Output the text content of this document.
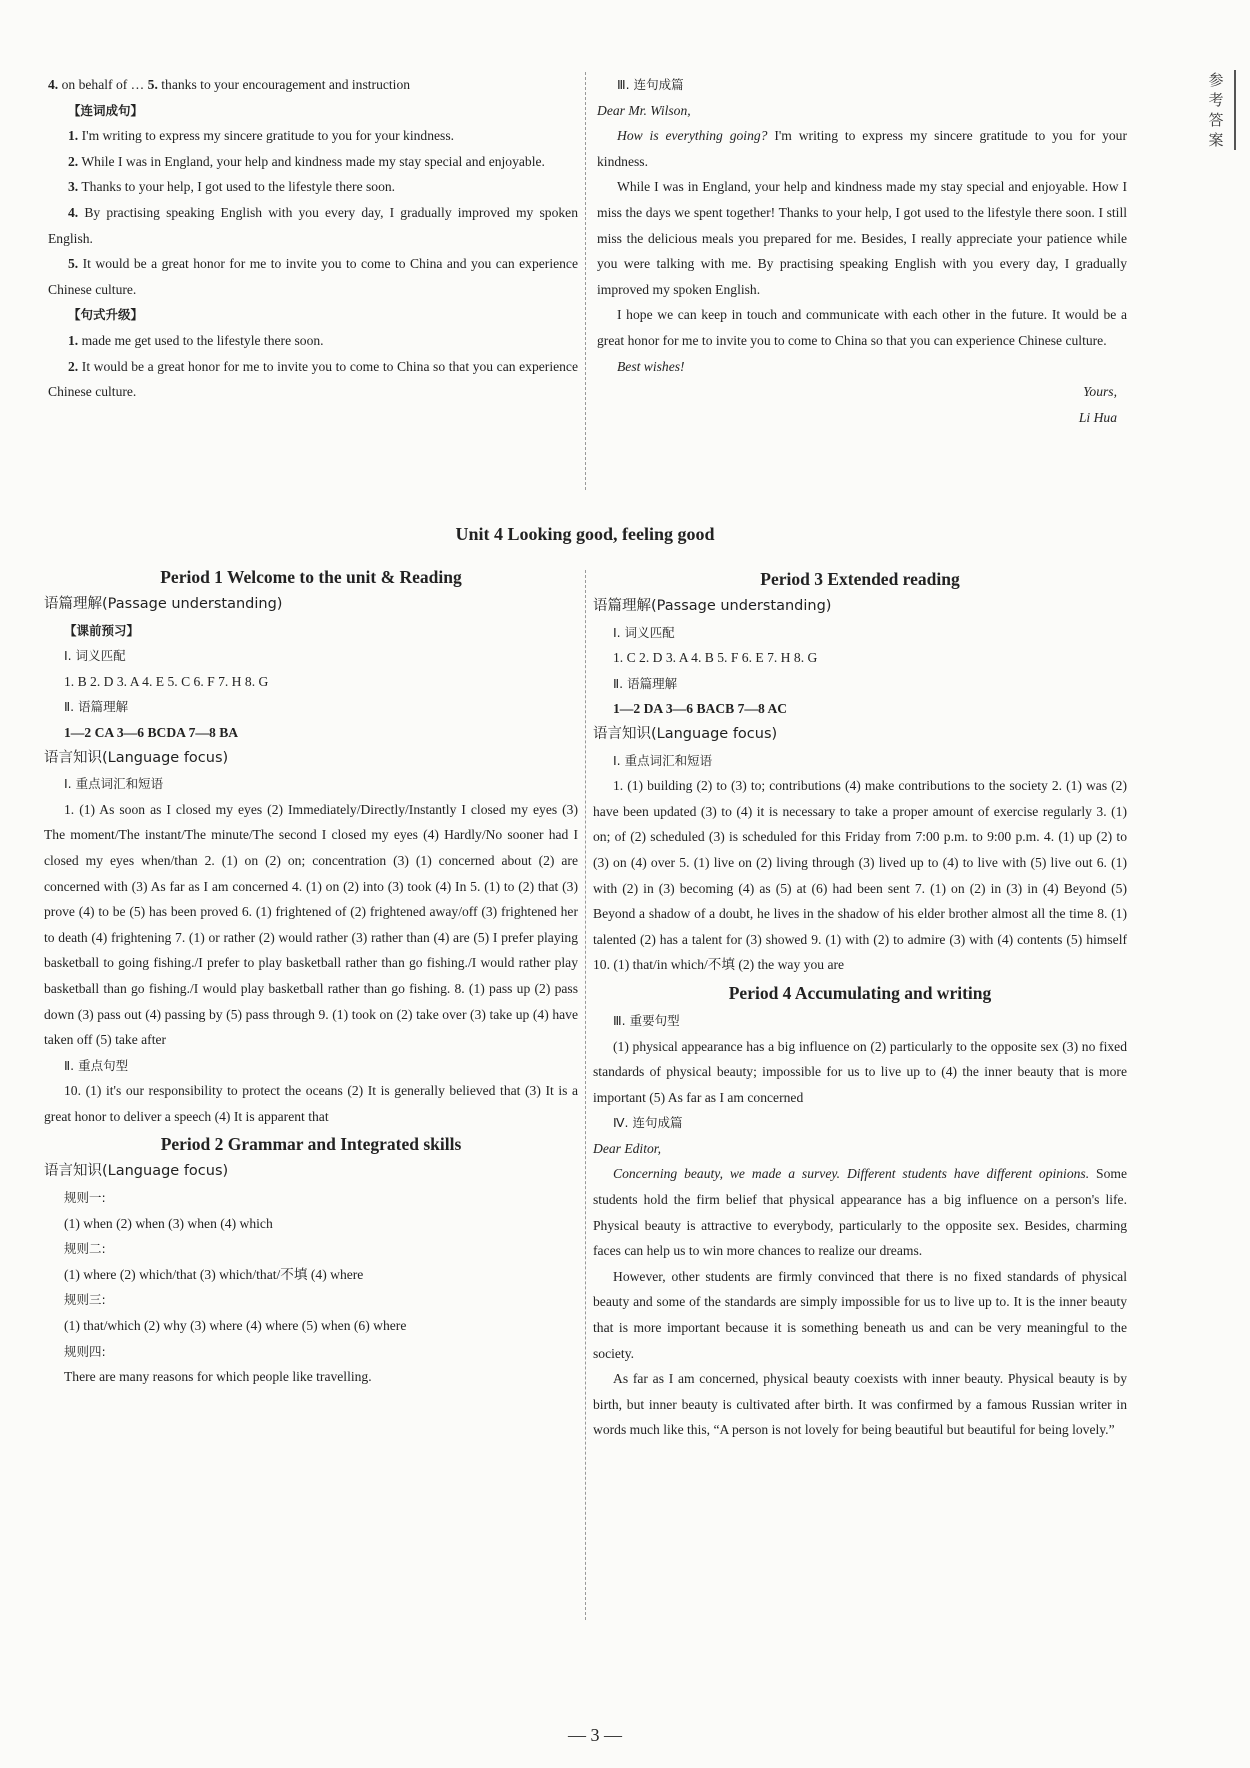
参考答案

4. on behalf of … 5. thanks to your encouragement and instruction

【连词成句】

1. I'm writing to express my sincere gratitude to you for your kindness.

2. While I was in England, your help and kindness made my stay special and enjoyable.

3. Thanks to your help, I got used to the lifestyle there soon.

4. By practising speaking English with you every day, I gradually improved my spoken English.

5. It would be a great honor for me to invite you to come to China and you can experience Chinese culture.

【句式升级】

1. made me get used to the lifestyle there soon.

2. It would be a great honor for me to invite you to come to China so that you can experience Chinese culture.

Ⅲ. 连句成篇

Dear Mr. Wilson,

How is everything going? I'm writing to express my sincere gratitude to you for your kindness.

While I was in England, your help and kindness made my stay special and enjoyable. How I miss the days we spent together! Thanks to your help, I got used to the lifestyle there soon. I still miss the delicious meals you prepared for me. Besides, I really appreciate your patience while you were talking with me. By practising speaking English with you every day, I gradually improved my spoken English.

I hope we can keep in touch and communicate with each other in the future. It would be a great honor for me to invite you to come to China so that you can experience Chinese culture.

Best wishes!

Yours,

Li Hua

Unit 4 Looking good, feeling good

Period 1 Welcome to the unit & Reading

语篇理解(Passage understanding)

【课前预习】

Ⅰ. 词义匹配

1. B 2. D 3. A 4. E 5. C 6. F 7. H 8. G

Ⅱ. 语篇理解

1—2 CA 3—6 BCDA 7—8 BA

语言知识(Language focus)

Ⅰ. 重点词汇和短语

1. (1) As soon as I closed my eyes (2) Immediately/Directly/Instantly I closed my eyes (3) The moment/The instant/The minute/The second I closed my eyes (4) Hardly/No sooner had I closed my eyes when/than 2. (1) on (2) on; concentration (3) (1) concerned about (2) are concerned with (3) As far as I am concerned 4. (1) on (2) into (3) took (4) In 5. (1) to (2) that (3) prove (4) to be (5) has been proved 6. (1) frightened of (2) frightened away/off (3) frightened her to death (4) frightening 7. (1) or rather (2) would rather (3) rather than (4) are (5) I prefer playing basketball to going fishing./I prefer to play basketball rather than go fishing./I would rather play basketball than go fishing./I would play basketball rather than go fishing. 8. (1) pass up (2) pass down (3) pass out (4) passing by (5) pass through 9. (1) took on (2) take over (3) take up (4) have taken off (5) take after

Ⅱ. 重点句型

10. (1) it's our responsibility to protect the oceans (2) It is generally believed that (3) It is a great honor to deliver a speech (4) It is apparent that

Period 2 Grammar and Integrated skills

语言知识(Language focus)

规则一:

(1) when (2) when (3) when (4) which

规则二:

(1) where (2) which/that (3) which/that/不填 (4) where

规则三:

(1) that/which (2) why (3) where (4) where (5) when (6) where

规则四:

There are many reasons for which people like travelling.

Period 3 Extended reading

语篇理解(Passage understanding)

Ⅰ. 词义匹配

1. C 2. D 3. A 4. B 5. F 6. E 7. H 8. G

Ⅱ. 语篇理解

1—2 DA 3—6 BACB 7—8 AC

语言知识(Language focus)

Ⅰ. 重点词汇和短语

1. (1) building (2) to (3) to; contributions (4) make contributions to the society 2. (1) was (2) have been updated (3) to (4) it is necessary to take a proper amount of exercise regularly 3. (1) on; of (2) scheduled (3) is scheduled for this Friday from 7:00 p.m. to 9:00 p.m. 4. (1) up (2) to (3) on (4) over 5. (1) live on (2) living through (3) lived up to (4) to live with (5) live out 6. (1) with (2) in (3) becoming (4) as (5) at (6) had been sent 7. (1) on (2) in (3) in (4) Beyond (5) Beyond a shadow of a doubt, he lives in the shadow of his elder brother almost all the time 8. (1) talented (2) has a talent for (3) showed 9. (1) with (2) to admire (3) with (4) contents (5) himself 10. (1) that/in which/不填 (2) the way you are

Period 4 Accumulating and writing

Ⅲ. 重要句型

(1) physical appearance has a big influence on (2) particularly to the opposite sex (3) no fixed standards of physical beauty; impossible for us to live up to (4) the inner beauty that is more important (5) As far as I am concerned

Ⅳ. 连句成篇

Dear Editor,

Concerning beauty, we made a survey. Different students have different opinions. Some students hold the firm belief that physical appearance has a big influence on a person's life. Physical beauty is attractive to everybody, particularly to the opposite sex. Besides, charming faces can help us to win more chances to realize our dreams.

However, other students are firmly convinced that there is no fixed standards of physical beauty and some of the standards are simply impossible for us to live up to. It is the inner beauty that is more important because it is something beneath us and can be very meaningful to the society.

As far as I am concerned, physical beauty coexists with inner beauty. Physical beauty is by birth, but inner beauty is cultivated after birth. It was confirmed by a famous Russian writer in words much like this, “A person is not lovely for being beautiful but beautiful for being lovely.”

— 3 —
